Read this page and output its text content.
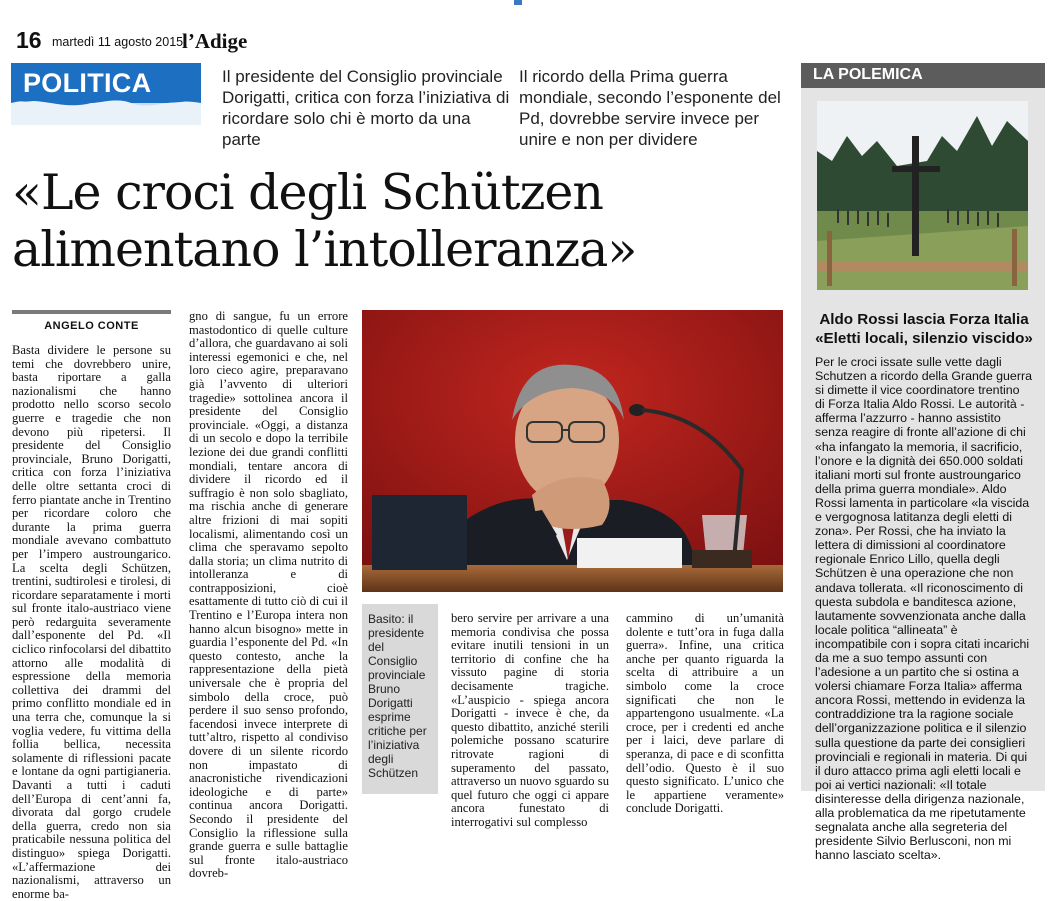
16 martedì 11 agosto 2015
l’Adige
POLITICA	Il presidente del Consiglio provinciale Dorigatti, critica con forza l’iniziativa di ricordare solo chi è morto da una parte
Il ricordo della Prima guerra mondiale, secondo l’esponente del Pd, dovrebbe servire invece per unire e non per dividere
«Le croci degli Schützen
alimentano l’intolleranza»
ANGELO CONTE

Basta dividere le persone su temi che dovrebbero unire, basta riportare a galla nazionalismi che hanno prodotto nello scorso secolo guerre e tragedie che non devono più ripetersi. Il presidente del Consiglio provinciale, Bruno Dorigatti, critica con forza l’iniziativa delle oltre settanta croci di ferro piantate anche in Trentino per ricordare coloro che durante la prima guerra mondiale avevano combattuto per l’impero austroungarico. La scelta degli Schützen, trentini, sudtirolesi e tirolesi, di ricordare separatamente i morti sul fronte italo-austriaco viene però redarguita severamente dall’esponente del Pd. «Il ciclico rinfocolarsi del dibattito attorno alle modalità di espressione della memoria collettiva dei drammi del primo conflitto mondiale ed in una terra che, comunque la si voglia vedere, fu vittima della follia bellica, necessita solamente di riflessioni pacate e lontane da ogni partigianeria. Davanti a tutti i caduti dell’Europa di cent’anni fa, divorata dal gorgo crudele della guerra, credo non sia praticabile nessuna politica del distinguo» spiega Dorigatti. «L’affermazione dei nazionalismi, attraverso un enorme ba-

gno di sangue, fu un errore mastodontico di quelle culture d’allora, che guardavano ai soli interessi egemonici e che, nel loro cieco agire, preparavano già l’avvento di ulteriori tragedie» sottolinea ancora il presidente del Consiglio provinciale. «Oggi, a distanza di un secolo e dopo la terribile lezione dei due grandi conflitti mondiali, tentare ancora di dividere il ricordo ed il suffragio è non solo sbagliato, ma rischia anche di generare altre frizioni di mai sopiti localismi, alimentando così un clima che speravamo sepolto dalla storia; un clima nutrito di intolleranza e di contrapposizioni, cioè esattamente di tutto ciò di cui il Trentino e l’Europa intera non hanno alcun bisogno» mette in guardia l’esponente del Pd. «In questo contesto, anche la rappresentazione della pietà universale che è propria del simbolo della croce, può perdere il suo senso profondo, facendosi invece interprete di tutt’altro, rispetto al condiviso dovere di un silente ricordo non impastato di anacronistiche rivendicazioni ideologiche e di parte» continua ancora Dorigatti. Secondo il presidente del Consiglio la riflessione sulla grande guerra e sulle battaglie sul fronte italo-austriaco dovreb-

Basito: il presidente del Consiglio provinciale Bruno Dorigatti esprime critiche per l’iniziativa degli Schützen

bero servire per arrivare a una memoria condivisa che possa evitare inutili tensioni in un territorio di confine che ha vissuto pagine di storia decisamente tragiche. «L’auspicio - spiega ancora Dorigatti - invece è che, da questo dibattito, anziché sterili polemiche possano scaturire ritrovate ragioni di superamento del passato, attraverso un nuovo sguardo su quel futuro che oggi ci appare ancora funestato di interrogativi sul complesso

cammino di un’umanità dolente e tutt’ora in fuga dalla guerra». Infine, una critica anche per quanto riguarda la scelta di attribuire a un simbolo come la croce significati che non le appartengono usualmente. «La croce, per i credenti ed anche per i laici, deve parlare di speranza, di pace e di sconfitta dell’odio. Questo è il suo questo significato. L’unico che le appartiene veramente» conclude Dorigatti.

LA POLEMICA
Aldo Rossi lascia Forza Italia
«Eletti locali, silenzio viscido»

Per le croci issate sulle vette dagli Schutzen a ricordo della Grande guerra si dimette il vice coordinatore trentino di Forza Italia Aldo Rossi. Le autorità - afferma l’azzurro - hanno assistito senza reagire di fronte all’azione di chi «ha infangato la memoria, il sacrificio, l’onore e la dignità dei 650.000 soldati italiani morti sul fronte austroungarico della prima guerra mondiale». Aldo Rossi lamenta in particolare «la viscida e vergognosa latitanza degli eletti di zona». Per Rossi, che ha inviato la lettera di dimissioni al coordinatore regionale Enrico Lillo, quella degli Schützen è una operazione che non andava tollerata. «Il riconoscimento di questa subdola e banditesca azione, lautamente sovvenzionata anche dalla locale politica “allineata” è incompatibile con i sopra citati incarichi da me a suo tempo assunti con l’adesione a un partito che si ostina a volersi chiamare Forza Italia» afferma ancora Rossi, mettendo in evidenza la contraddizione tra la ragione sociale dell’organizzazione politica e il silenzio sulla questione da parte dei consiglieri provinciali e regionali in materia. Di qui il duro attacco prima agli eletti locali e poi ai vertici nazionali: «Il totale disinteresse della dirigenza nazionale, alla problematica da me ripetutamente segnalata anche alla segreteria del presidente Silvio Berlusconi, non mi hanno lasciato scelta».
